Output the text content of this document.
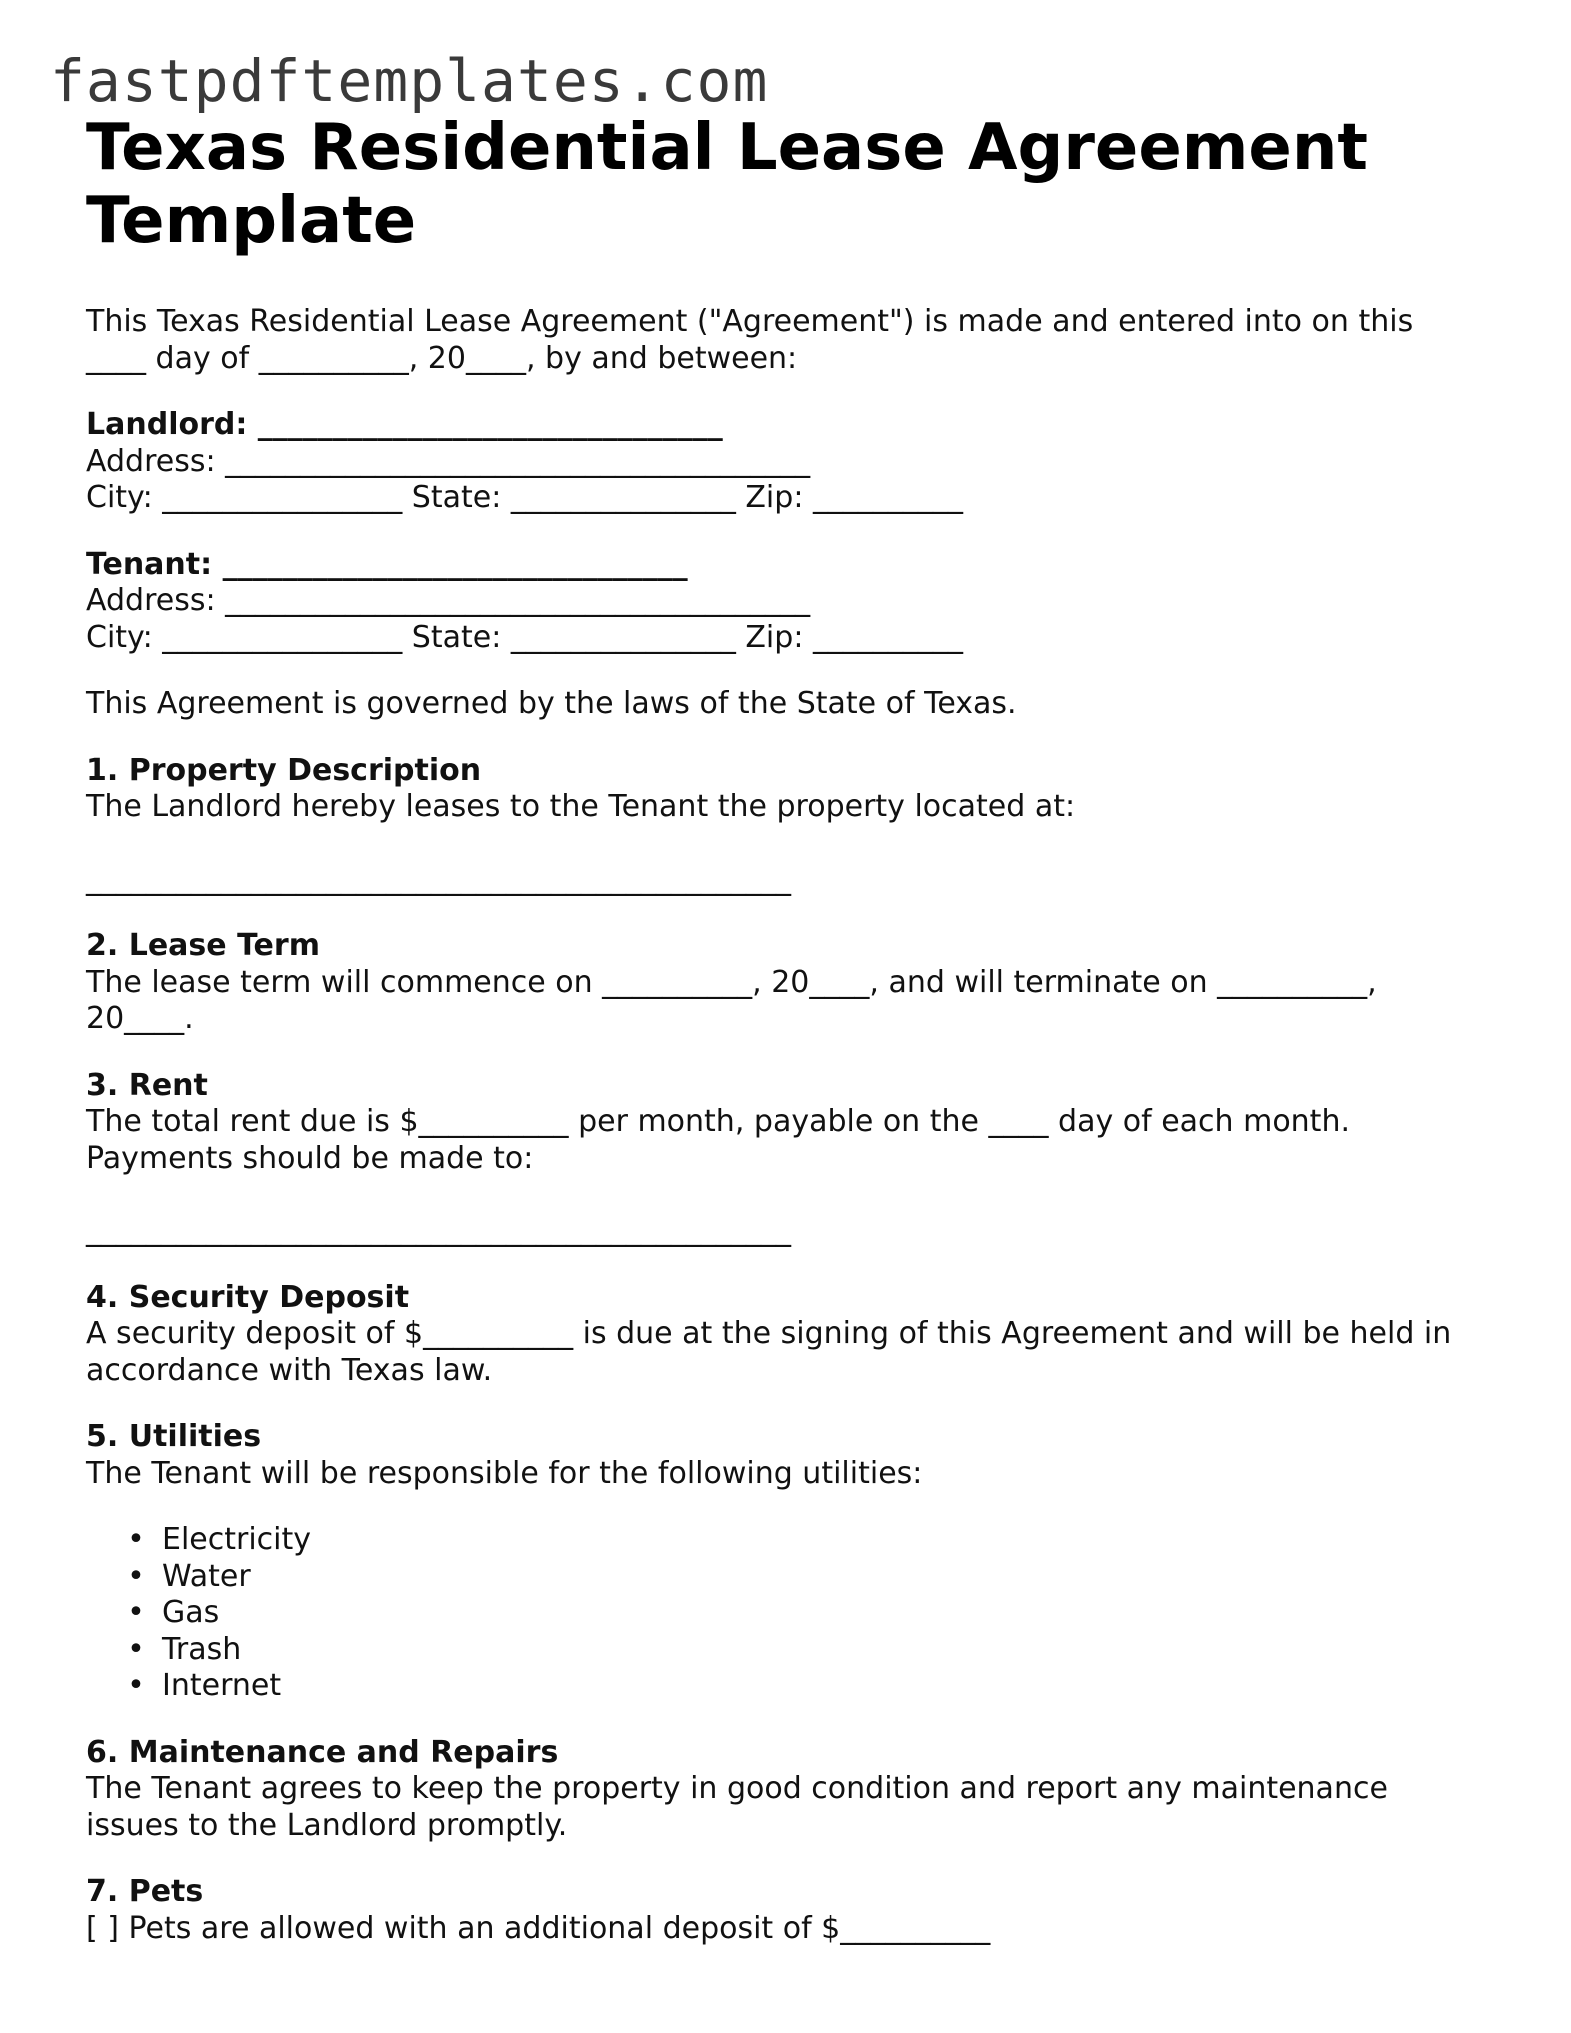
fastpdftemplates.com
Texas Residential Lease Agreement Template

This Texas Residential Lease Agreement ("Agreement") is made and entered into on this

____ day of __________, 20____, by and between:

Landlord: _______________________________

Address: _______________________________________

City: ________________ State: _______________ Zip: __________

Tenant: _______________________________

Address: _______________________________________

City: ________________ State: _______________ Zip: __________

This Agreement is governed by the laws of the State of Texas.

1. Property Description

The Landlord hereby leases to the Tenant the property located at:

_______________________________________________

2. Lease Term

The lease term will commence on __________, 20____, and will terminate on __________,

20____.

3. Rent

The total rent due is $__________ per month, payable on the ____ day of each month.

Payments should be made to:

_______________________________________________

4. Security Deposit

A security deposit of $__________ is due at the signing of this Agreement and will be held in

accordance with Texas law.

5. Utilities

The Tenant will be responsible for the following utilities:

• Electricity
• Water
• Gas
• Trash
• Internet

6. Maintenance and Repairs

The Tenant agrees to keep the property in good condition and report any maintenance

issues to the Landlord promptly.

7. Pets

[ ] Pets are allowed with an additional deposit of $__________
